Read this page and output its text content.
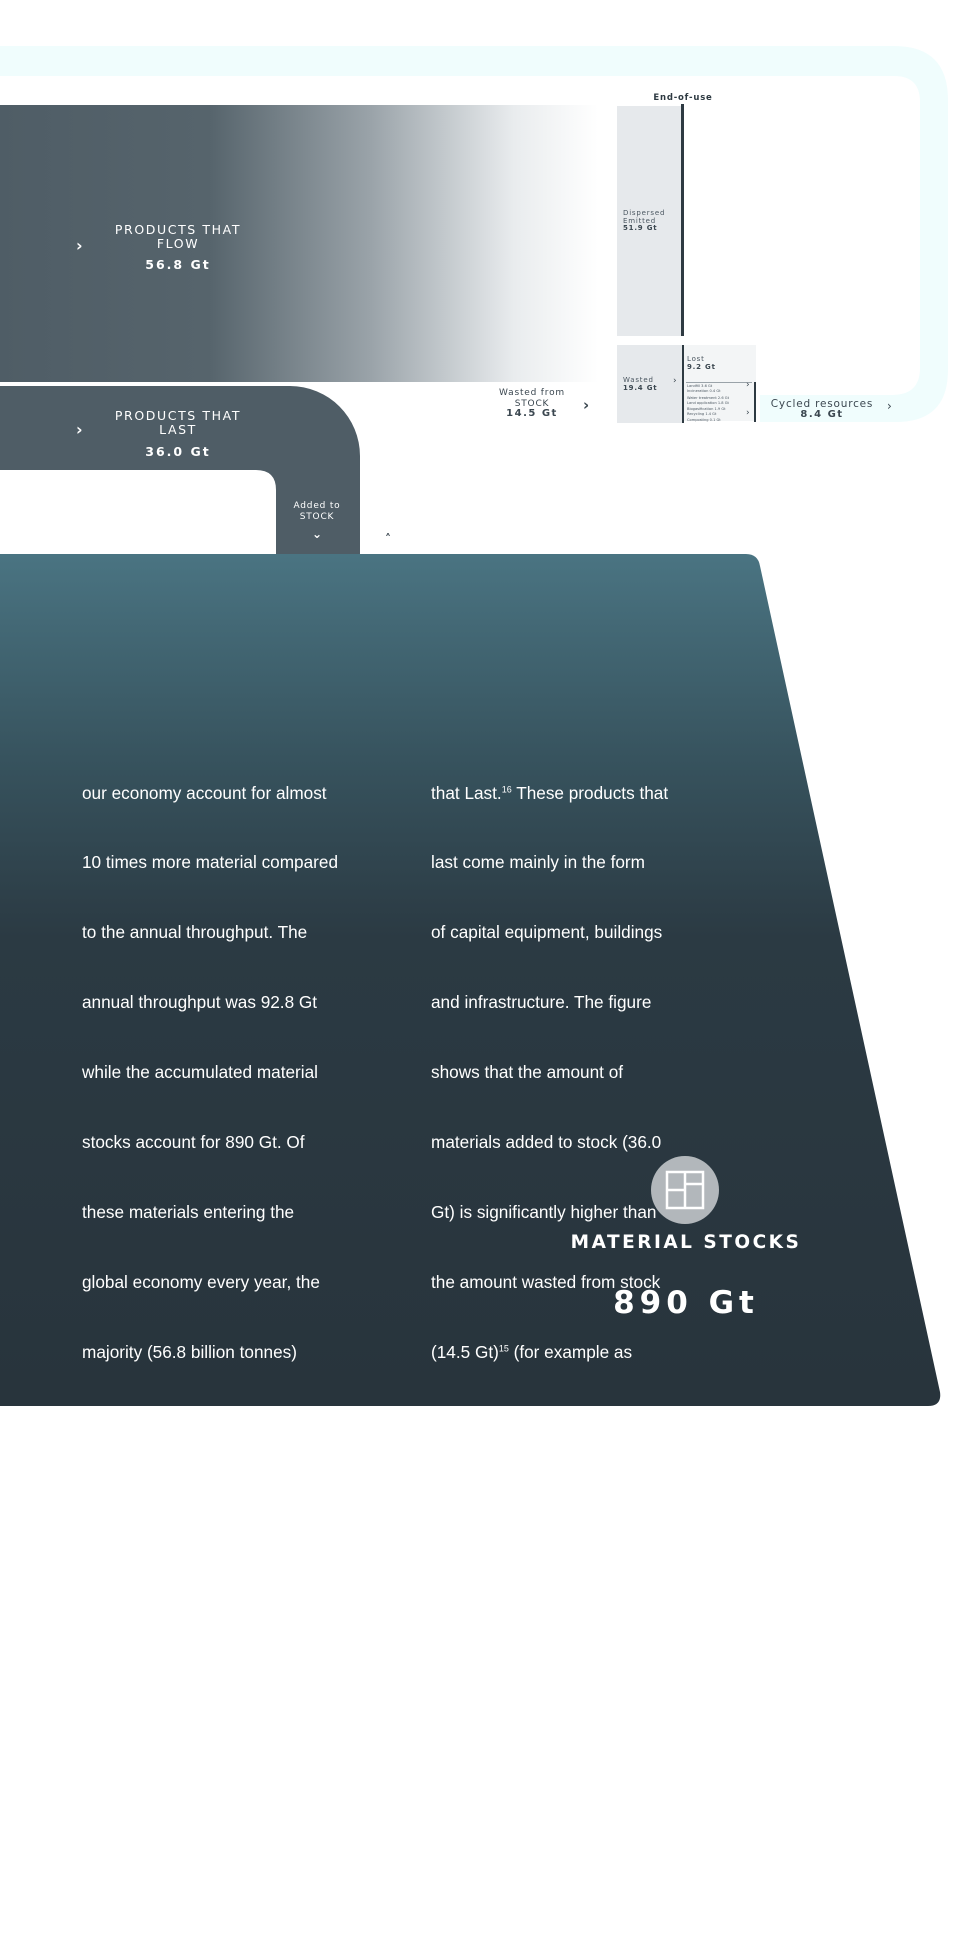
›
PRODUCTS THAT FLOW
56.8 Gt
›
PRODUCTS THAT LAST
36.0 Gt
Added to STOCK
⌄	˄
Wasted from STOCK
14.5 Gt	›
End-of-use
Dispersed Emitted
51.9 Gt
Wasted
19.4 Gt
›
Lost
9.2 Gt
Landfill 3.6 Gt
Incineration 0.4 Gt
›
Water treatment 2.6 Gt
Land application 1.8 Gt
Biogasification 1.9 Gt
Recycling 1.4 Gt
Composting 0.1 Gt
›
Cycled resources
8.4 Gt
›

our economy account for almost

10 times more material compared

to the annual throughput. The

annual throughput was 92.8 Gt

while the accumulated material

stocks account for 890 Gt. Of

these materials entering the

global economy every year, the

majority (56.8 billion tonnes)

are being used by society

as short-lived Products that

Flow$^{14}$, reaching their end-

of-use typically within a year.

The remaining 36.0 billion

tonnes of materials mentioned

earlier, enter into long-term

stock$^{15}$, referred to as Products

that Last.$^{16}$ These products that

last come mainly in the form

of capital equipment, buildings

and infrastructure. The figure

shows that the amount of

materials added to stock (36.0

Gt) is significantly higher than

the amount wasted from stock

(14.5 Gt)$^{15}$ (for example as

demolition material, or metal from

discarded machines and cars). The

net result is a significant addition

to stock of 21.5 Gt.

MATERIAL STOCKS
890 Gt
